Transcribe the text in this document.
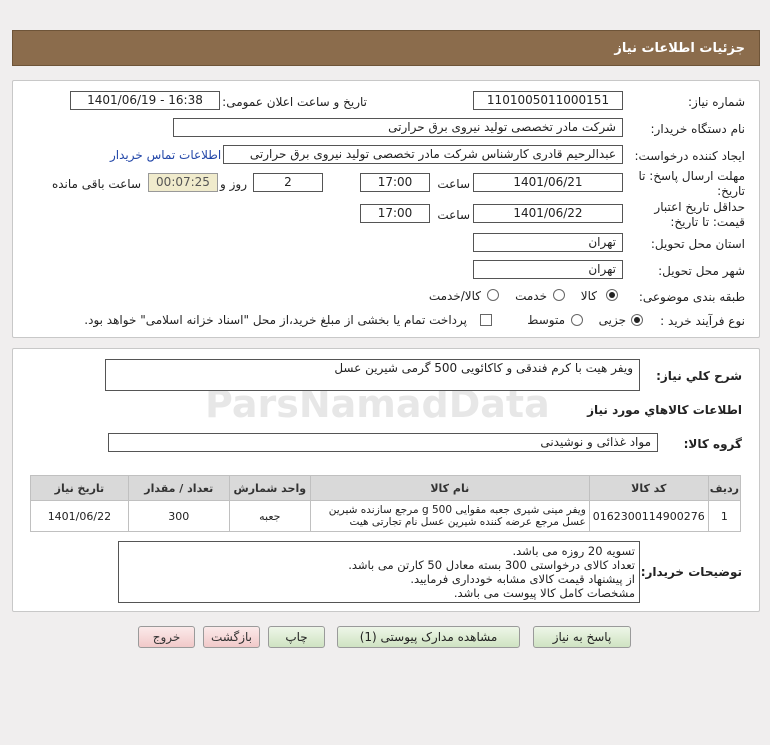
جزئیات اطلاعات نیاز
شماره نیاز:
1101005011000151
تاریخ و ساعت اعلان عمومی:
1401/06/19 - 16:38
نام دستگاه خریدار:
شرکت مادر تخصصی تولید نیروی برق حرارتی
ایجاد کننده درخواست:
عبدالرحیم قادری کارشناس شرکت مادر تخصصی تولید نیروی برق حرارتی
اطلاعات تماس خریدار
مهلت ارسال پاسخ: تا
تاریخ:
1401/06/21
ساعت
17:00
2
روز و
00:07:25
ساعت باقی مانده
حداقل تاریخ اعتبار
قیمت: تا تاریخ:
1401/06/22
ساعت
17:00
استان محل تحویل:
تهران
شهر محل تحویل:
تهران
طبقه بندی موضوعی:
کالا
خدمت
کالا/خدمت
نوع فرآیند خرید :
جزیی
متوسط
پرداخت تمام یا بخشی از مبلغ خرید،از محل "اسناد خزانه اسلامی" خواهد بود.
شرح کلي نیاز:
ویفر هیت با کرم فندقی و کاکائویی 500 گرمی شیرین عسل
اطلاعات کالاهاي مورد نیاز
گروه کالا:
مواد غذائی و نوشیدنی
ردیف	کد کالا	نام کالا	واحد شمارش	تعداد / مقدار	تاریخ نیاز
1	0162300114900276	ویفر مینی شیری جعبه مقوایی 500 g مرجع سازنده شیرین عسل مرجع عرضه کننده شیرین عسل نام تجارتی هیت	جعبه	300	1401/06/22
توضیحات خریدار:
تسویه 20 روزه می باشد.
تعداد کالای درخواستی 300 بسته معادل 50 کارتن می باشد.
از پیشنهاد قیمت کالای مشابه خودداری فرمایید.
مشخصات کامل کالا پیوست می باشد.
پاسخ به نیاز
مشاهده مدارک پیوستی (1)
چاپ
بازگشت
خروج
